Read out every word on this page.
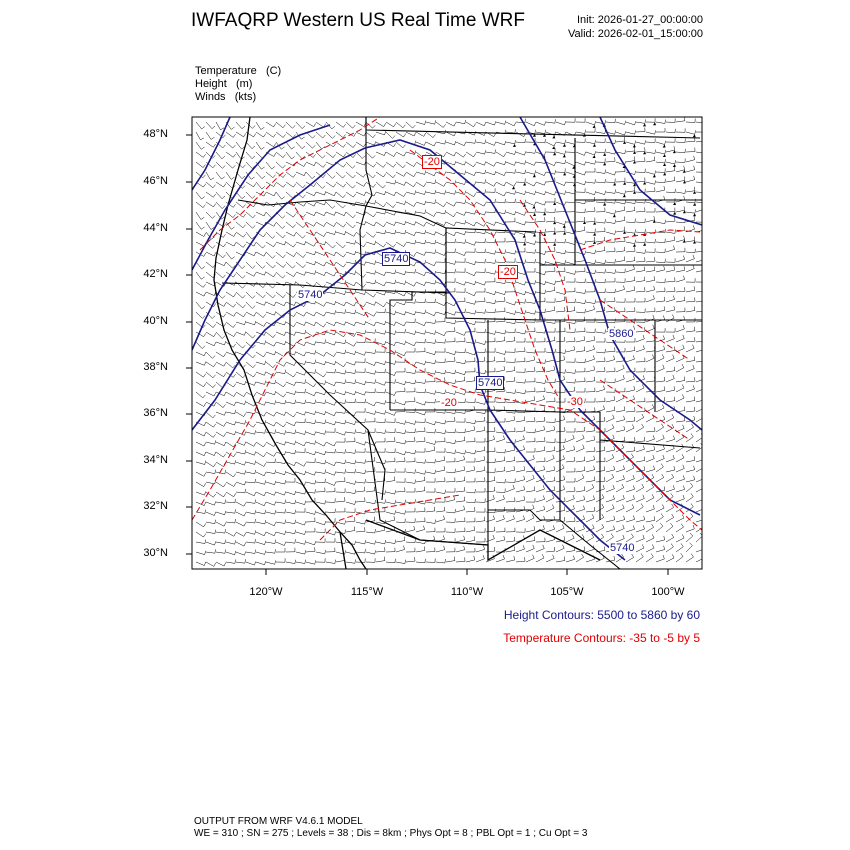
IWFAQRP Western US Real Time WRF	Init: 2026-01-27_00:00:00
Valid: 2026-02-01_15:00:00
Temperature (C)
Height (m)
Winds (kts)
5740
5740
5740
5860
5740
-20
-20
-30
-20
48°N
46°N
44°N
42°N
40°N
38°N
36°N
34°N
32°N
30°N
120°W	115°W	110°W	105°W	100°W
Height Contours: 5500 to 5860 by 60
Temperature Contours: -35 to -5 by 5
OUTPUT FROM WRF V4.6.1 MODEL
WE = 310 ; SN = 275 ; Levels = 38 ; Dis = 8km ; Phys Opt = 8 ; PBL Opt = 1 ; Cu Opt = 3
